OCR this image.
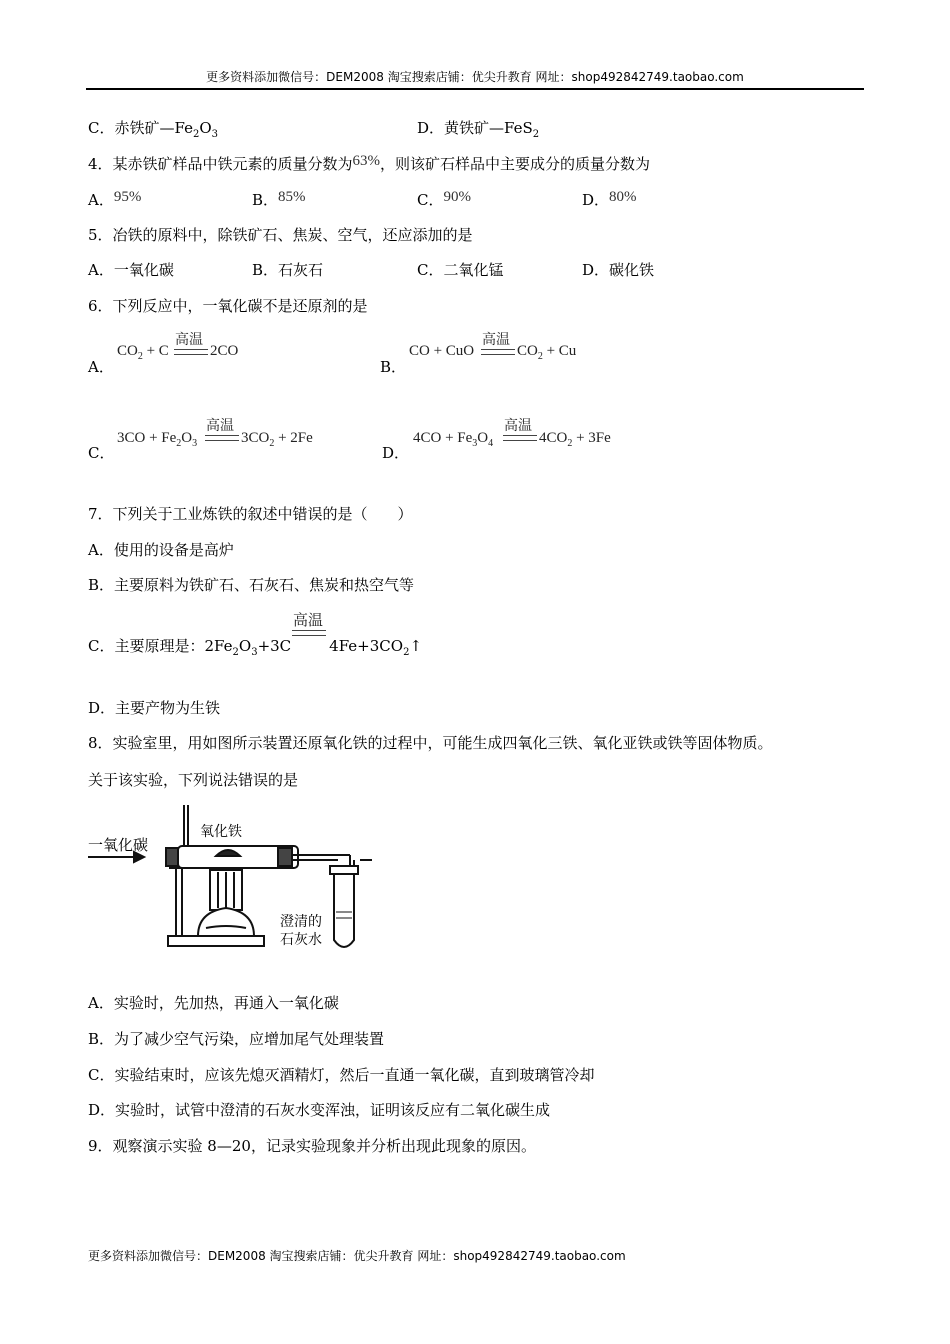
更多资料添加微信号：DEM2008 淘宝搜索店铺：优尖升教育 网址：shop492842749.taobao.com
C．赤铁矿$—Fe_2O_3$	D．黄铁矿—FeS$_2$
4．某赤铁矿样品中铁元素的质量分数为63%，则该矿石样品中主要成分的质量分数为
A．95%	B．85%	C．90%	D．80%
5．冶铁的原料中，除铁矿石、焦炭、空气，还应添加的是
A．一氧化碳	B．石灰石	C．二氧化锰	D．碳化铁
6．下列反应中，一氧化碳不是还原剂的是
A．
高温
$CO_2 + C$	2CO
B．
CO + CuO
高温
$CO_2 + Cu$
C．
$3CO + Fe_2O_3$
高温
$3CO_2 + 2Fe$
D．
$4CO + Fe_3O_4$
高温
$4CO_2 + 3Fe$
7．下列关于工业炼铁的叙述中错误的是（　　）
A．使用的设备是高炉
B．主要原料为铁矿石、石灰石、焦炭和热空气等
高温
C．主要原理是：$2Fe_2O_3+3C$	$4Fe+3CO_2↑$
D．主要产物为生铁
8．实验室里，用如图所示装置还原氧化铁的过程中，可能生成四氧化三铁、氧化亚铁或铁等固体物质。
关于该实验，下列说法错误的是
一氧化碳
氧化铁
澄清的
石灰水
A．实验时，先加热，再通入一氧化碳
B．为了减少空气污染，应增加尾气处理装置
C．实验结束时，应该先熄灭酒精灯，然后一直通一氧化碳，直到玻璃管冷却
D．实验时，试管中澄清的石灰水变浑浊，证明该反应有二氧化碳生成
9．观察演示实验 8—20，记录实验现象并分析出现此现象的原因。
更多资料添加微信号：DEM2008 淘宝搜索店铺：优尖升教育 网址：shop492842749.taobao.com
